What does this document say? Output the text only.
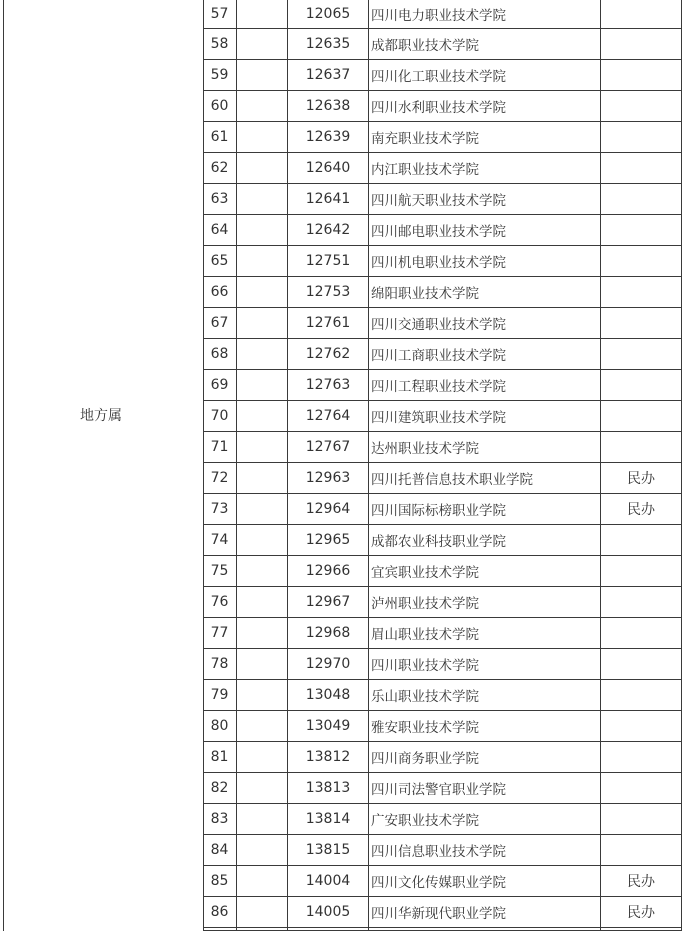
地方属
57		12065	四川电力职业技术学院	
58		12635	成都职业技术学院	
59		12637	四川化工职业技术学院	
60		12638	四川水利职业技术学院	
61		12639	南充职业技术学院	
62		12640	内江职业技术学院	
63		12641	四川航天职业技术学院	
64		12642	四川邮电职业技术学院	
65		12751	四川机电职业技术学院	
66		12753	绵阳职业技术学院	
67		12761	四川交通职业技术学院	
68		12762	四川工商职业技术学院	
69		12763	四川工程职业技术学院	
70		12764	四川建筑职业技术学院	
71		12767	达州职业技术学院	
72		12963	四川托普信息技术职业学院	民办
73		12964	四川国际标榜职业学院	民办
74		12965	成都农业科技职业学院	
75		12966	宜宾职业技术学院	
76		12967	泸州职业技术学院	
77		12968	眉山职业技术学院	
78		12970	四川职业技术学院	
79		13048	乐山职业技术学院	
80		13049	雅安职业技术学院	
81		13812	四川商务职业学院	
82		13813	四川司法警官职业学院	
83		13814	广安职业技术学院	
84		13815	四川信息职业技术学院	
85		14004	四川文化传媒职业学院	民办
86		14005	四川华新现代职业学院	民办
